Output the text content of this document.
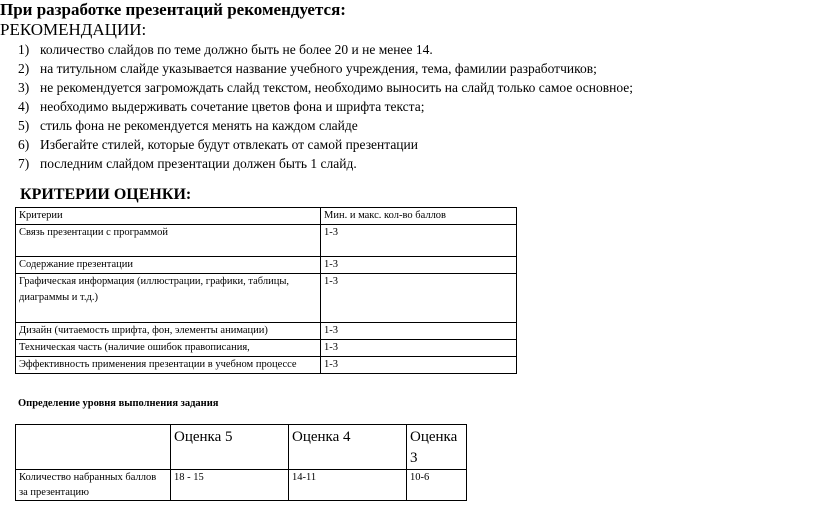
При разработке презентаций рекомендуется:
РЕКОМЕНДАЦИИ:
1) количество слайдов по теме должно быть не более 20 и не менее 14.
2) на титульном слайде указывается название учебного учреждения, тема, фамилии разработчиков;
3) не рекомендуется загромождать слайд текстом, необходимо выносить на слайд только самое основное;
4) необходимо выдерживать сочетание цветов фона и шрифта текста;
5) стиль фона не рекомендуется менять на каждом слайде
6) Избегайте стилей, которые будут отвлекать от самой презентации
7) последним слайдом презентации должен быть 1 слайд.
КРИТЕРИИ ОЦЕНКИ:
Критерии	Мин. и макс. кол-во баллов
Связь презентации с программой	1-3
Содержание презентации	1-3
Графическая информация (иллюстрации, графики, таблицы, диаграммы и т.д.)	1-3
Дизайн (читаемость шрифта, фон, элементы анимации)	1-3
Техническая часть (наличие ошибок правописания,	1-3
Эффективность применения презентации в учебном процессе	1-3
Определение уровня выполнения задания
	Оценка 5	Оценка 4	Оценка 3
Количество набранных баллов за презентацию	18 - 15	14-11	10-6
